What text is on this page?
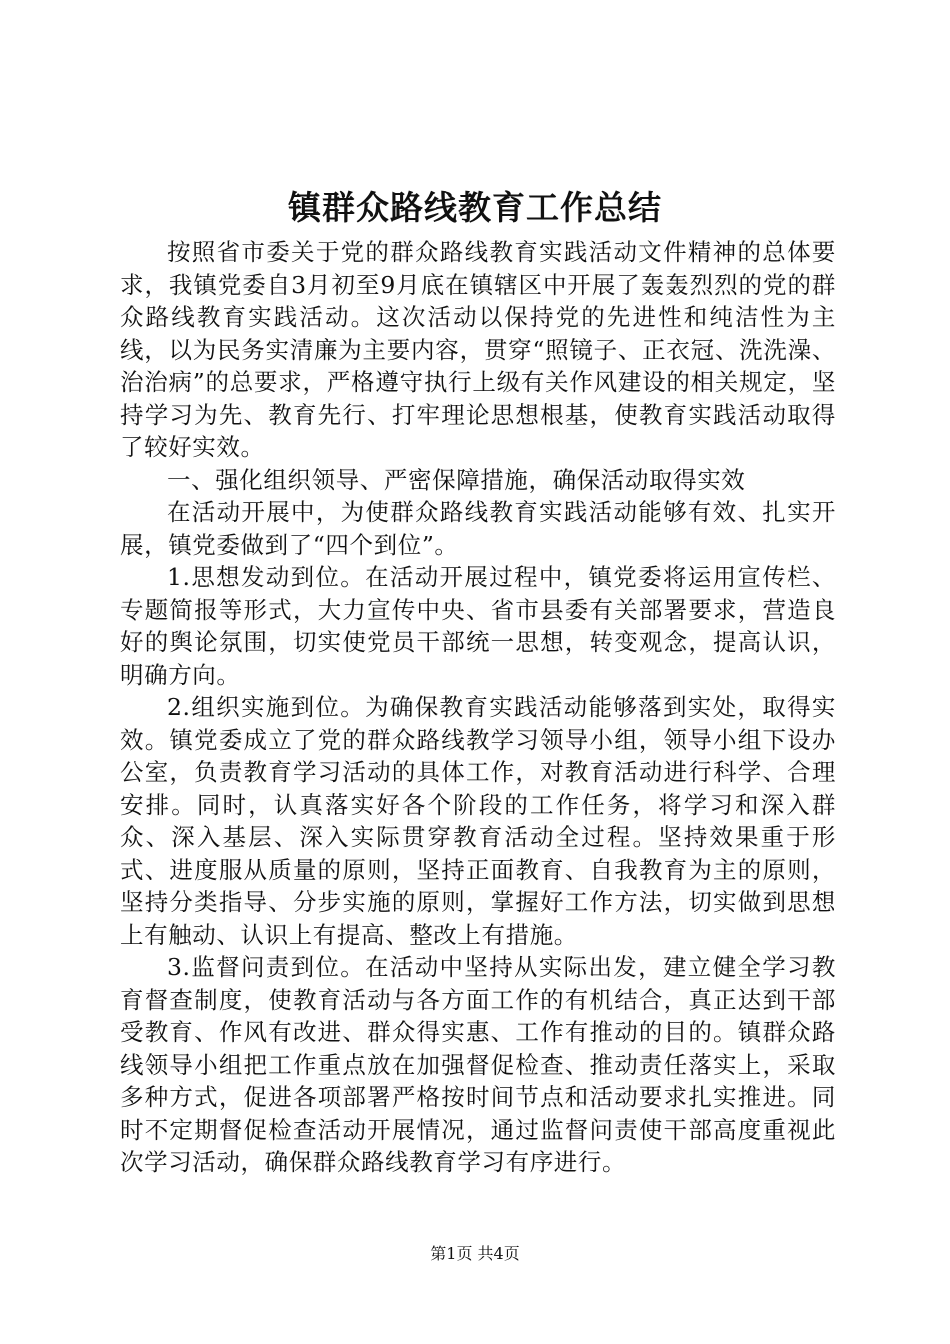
镇群众路线教育工作总结

按照省市委关于党的群众路线教育实践活动文件精神的总体要求，我镇党委自3月初至9月底在镇辖区中开展了轰轰烈烈的党的群众路线教育实践活动。这次活动以保持党的先进性和纯洁性为主线，以为民务实清廉为主要内容，贯穿“照镜子、正衣冠、洗洗澡、治治病”的总要求，严格遵守执行上级有关作风建设的相关规定，坚持学习为先、教育先行、打牢理论思想根基，使教育实践活动取得了较好实效。

一、强化组织领导、严密保障措施，确保活动取得实效

在活动开展中，为使群众路线教育实践活动能够有效、扎实开展，镇党委做到了“四个到位”。

1.思想发动到位。在活动开展过程中，镇党委将运用宣传栏、专题简报等形式，大力宣传中央、省市县委有关部署要求，营造良好的舆论氛围，切实使党员干部统一思想，转变观念，提高认识，明确方向。

2.组织实施到位。为确保教育实践活动能够落到实处，取得实效。镇党委成立了党的群众路线教学习领导小组，领导小组下设办公室，负责教育学习活动的具体工作，对教育活动进行科学、合理安排。同时，认真落实好各个阶段的工作任务，将学习和深入群众、深入基层、深入实际贯穿教育活动全过程。坚持效果重于形式、进度服从质量的原则，坚持正面教育、自我教育为主的原则，坚持分类指导、分步实施的原则，掌握好工作方法，切实做到思想上有触动、认识上有提高、整改上有措施。

3.监督问责到位。在活动中坚持从实际出发，建立健全学习教育督查制度，使教育活动与各方面工作的有机结合，真正达到干部受教育、作风有改进、群众得实惠、工作有推动的目的。镇群众路线领导小组把工作重点放在加强督促检查、推动责任落实上，采取多种方式，促进各项部署严格按时间节点和活动要求扎实推进。同时不定期督促检查活动开展情况，通过监督问责使干部高度重视此次学习活动，确保群众路线教育学习有序进行。

第1页 共4页
